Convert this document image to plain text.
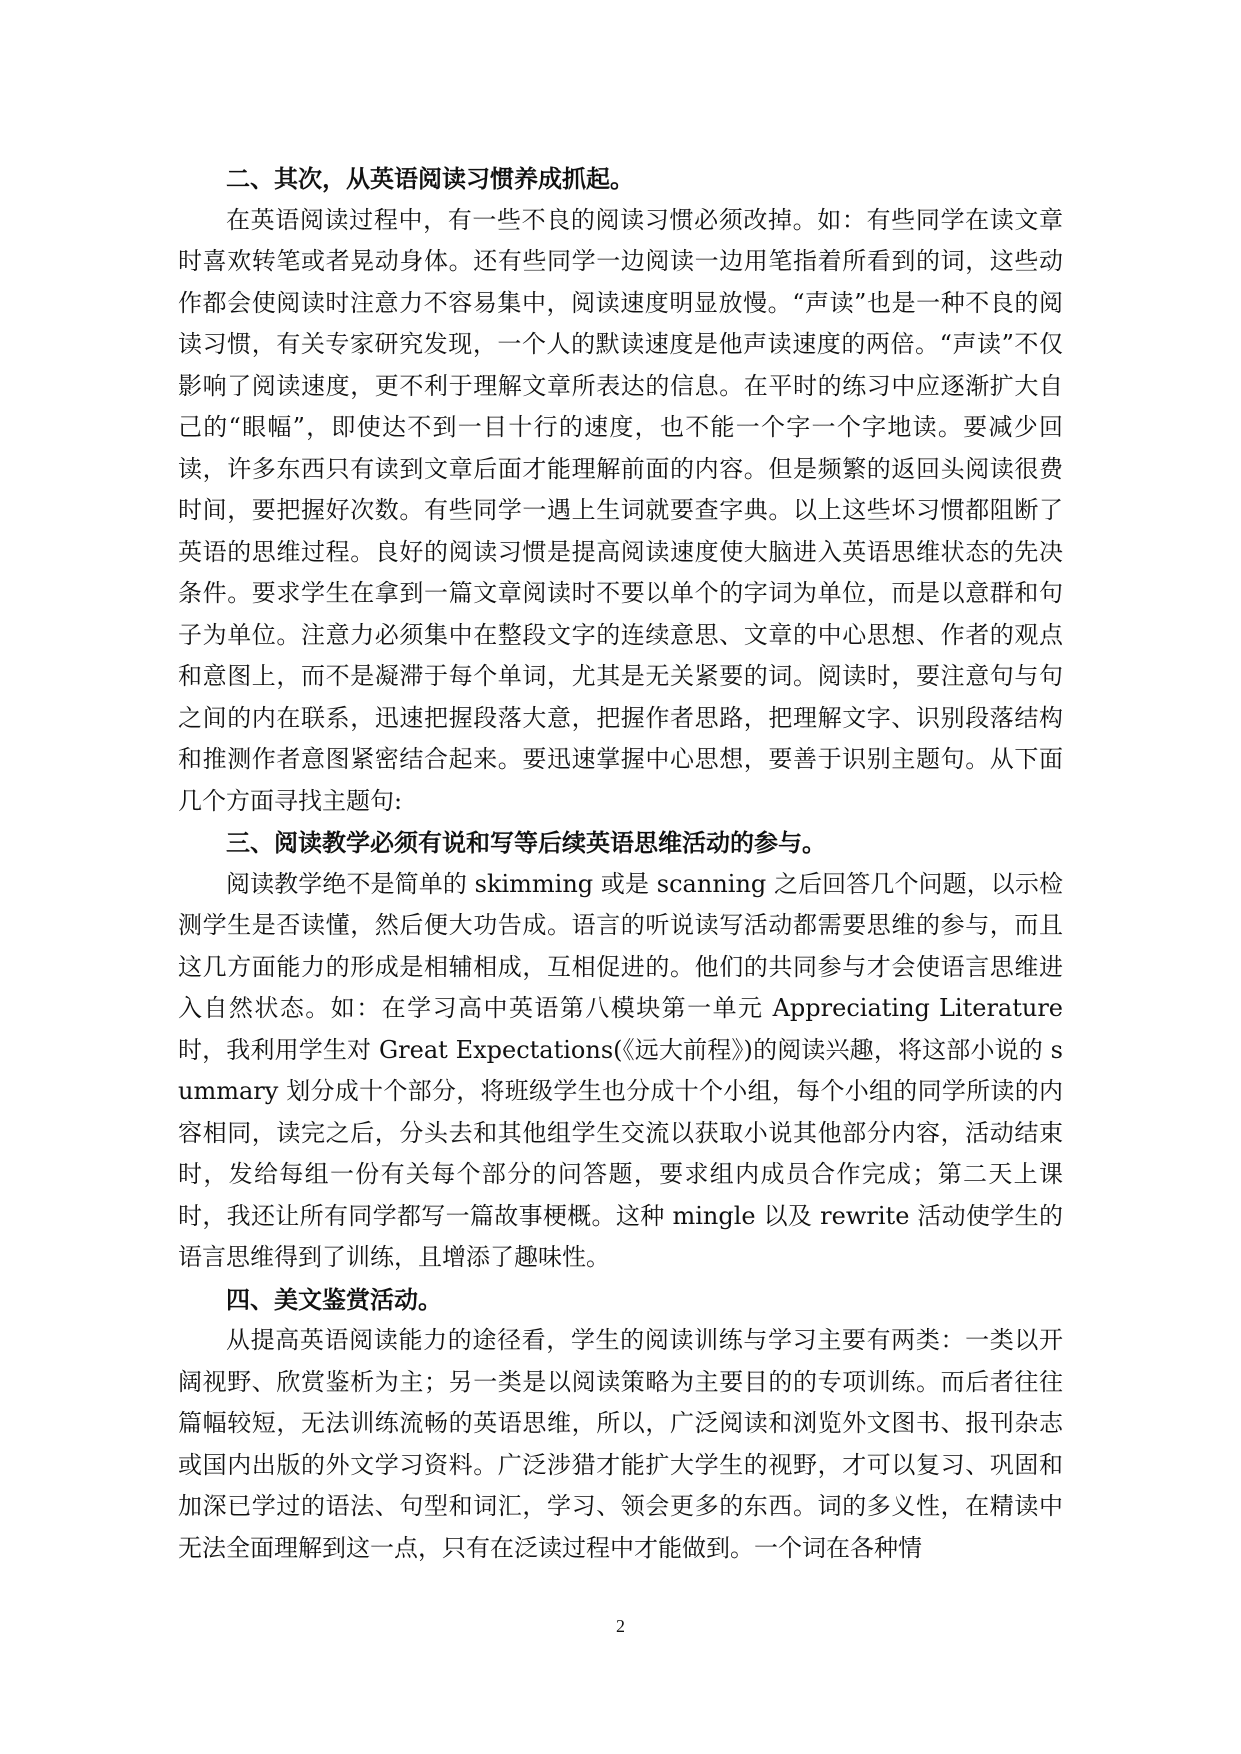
二、其次，从英语阅读习惯养成抓起。

在英语阅读过程中，有一些不良的阅读习惯必须改掉。如：有些同学在读文章时喜欢转笔或者晃动身体。还有些同学一边阅读一边用笔指着所看到的词，这些动作都会使阅读时注意力不容易集中，阅读速度明显放慢。“声读”也是一种不良的阅读习惯，有关专家研究发现，一个人的默读速度是他声读速度的两倍。“声读”不仅影响了阅读速度，更不利于理解文章所表达的信息。在平时的练习中应逐渐扩大自己的“眼幅”，即使达不到一目十行的速度，也不能一个字一个字地读。要减少回读，许多东西只有读到文章后面才能理解前面的内容。但是频繁的返回头阅读很费时间，要把握好次数。有些同学一遇上生词就要查字典。以上这些坏习惯都阻断了英语的思维过程。良好的阅读习惯是提高阅读速度使大脑进入英语思维状态的先决条件。要求学生在拿到一篇文章阅读时不要以单个的字词为单位，而是以意群和句子为单位。注意力必须集中在整段文字的连续意思、文章的中心思想、作者的观点和意图上，而不是凝滞于每个单词，尤其是无关紧要的词。阅读时，要注意句与句之间的内在联系，迅速把握段落大意，把握作者思路，把理解文字、识别段落结构和推测作者意图紧密结合起来。要迅速掌握中心思想，要善于识别主题句。从下面几个方面寻找主题句:

三、阅读教学必须有说和写等后续英语思维活动的参与。

阅读教学绝不是简单的 skimming 或是 scanning 之后回答几个问题，以示检测学生是否读懂，然后便大功告成。语言的听说读写活动都需要思维的参与，而且这几方面能力的形成是相辅相成，互相促进的。他们的共同参与才会使语言思维进入自然状态。如：在学习高中英语第八模块第一单元 Appreciating Literature 时，我利用学生对 Great Expectations(《远大前程》)的阅读兴趣，将这部小说的 summary 划分成十个部分，将班级学生也分成十个小组，每个小组的同学所读的内容相同，读完之后，分头去和其他组学生交流以获取小说其他部分内容，活动结束时，发给每组一份有关每个部分的问答题，要求组内成员合作完成；第二天上课时，我还让所有同学都写一篇故事梗概。这种 mingle 以及 rewrite 活动使学生的语言思维得到了训练，且增添了趣味性。

四、美文鉴赏活动。

从提高英语阅读能力的途径看，学生的阅读训练与学习主要有两类：一类以开阔视野、欣赏鉴析为主；另一类是以阅读策略为主要目的的专项训练。而后者往往篇幅较短，无法训练流畅的英语思维，所以，广泛阅读和浏览外文图书、报刊杂志或国内出版的外文学习资料。广泛涉猎才能扩大学生的视野，才可以复习、巩固和加深已学过的语法、句型和词汇，学习、领会更多的东西。词的多义性，在精读中无法全面理解到这一点，只有在泛读过程中才能做到。一个词在各种情

2
